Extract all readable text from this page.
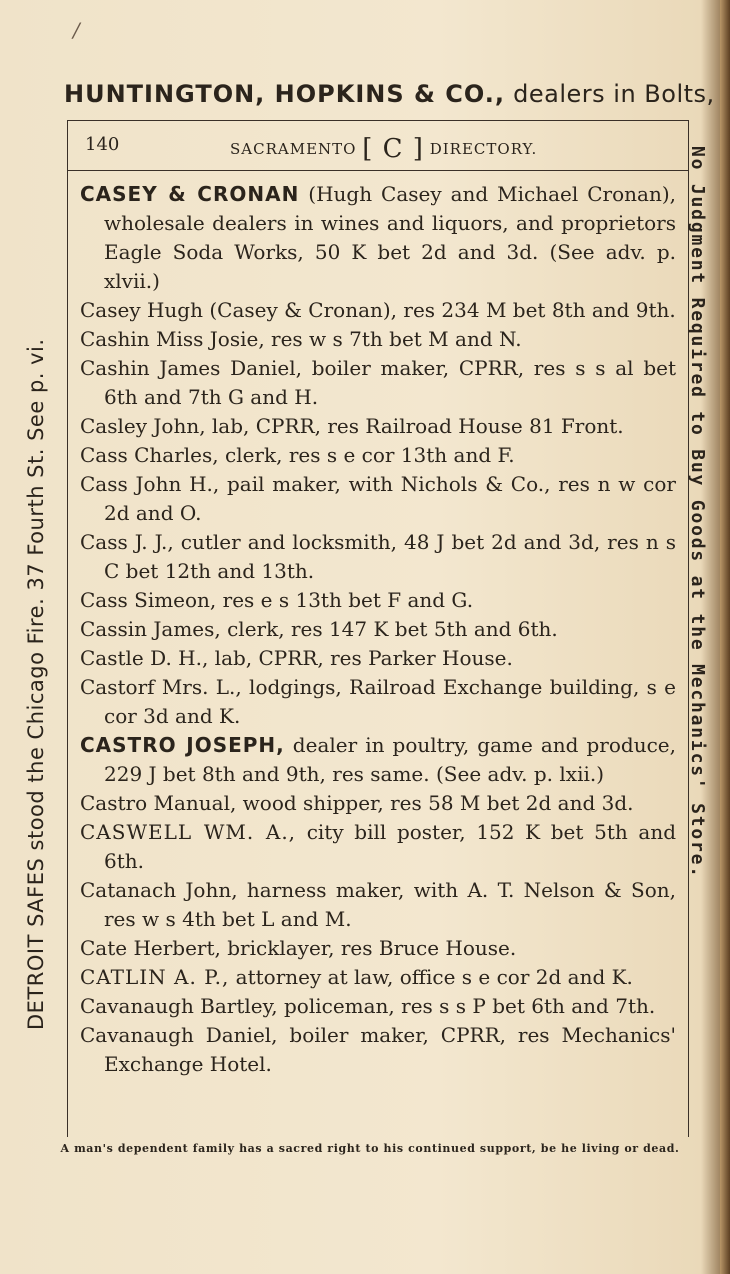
/
HUNTINGTON, HOPKINS & CO., dealers in Bolts,
140	SACRAMENTO [ C ] DIRECTORY.
CASEY & CRONAN (Hugh Casey and Michael Cronan), wholesale dealers in wines and liquors, and proprietors Eagle Soda Works, 50 K bet 2d and 3d. (See adv. p. xlvii.)
Casey Hugh (Casey & Cronan), res 234 M bet 8th and 9th.
Cashin Miss Josie, res w s 7th bet M and N.
Cashin James Daniel, boiler maker, CPRR, res s s al bet 6th and 7th G and H.
Casley John, lab, CPRR, res Railroad House 81 Front.
Cass Charles, clerk, res s e cor 13th and F.
Cass John H., pail maker, with Nichols & Co., res n w cor 2d and O.
Cass J. J., cutler and locksmith, 48 J bet 2d and 3d, res n s C bet 12th and 13th.
Cass Simeon, res e s 13th bet F and G.
Cassin James, clerk, res 147 K bet 5th and 6th.
Castle D. H., lab, CPRR, res Parker House.
Castorf Mrs. L., lodgings, Railroad Exchange building, s e cor 3d and K.
CASTRO JOSEPH, dealer in poultry, game and produce, 229 J bet 8th and 9th, res same. (See adv. p. lxii.)
Castro Manual, wood shipper, res 58 M bet 2d and 3d.
CASWELL WM. A., city bill poster, 152 K bet 5th and 6th.
Catanach John, harness maker, with A. T. Nelson & Son, res w s 4th bet L and M.
Cate Herbert, bricklayer, res Bruce House.
CATLIN A. P., attorney at law, office s e cor 2d and K.
Cavanaugh Bartley, policeman, res s s P bet 6th and 7th.
Cavanaugh Daniel, boiler maker, CPRR, res Mechanics' Exchange Hotel.
DETROIT SAFES stood the Chicago Fire. 37 Fourth St. See p. vi.	No Judgment Required to Buy Goods at the Mechanics' Store.
A man's dependent family has a sacred right to his continued support, be he living or dead.
